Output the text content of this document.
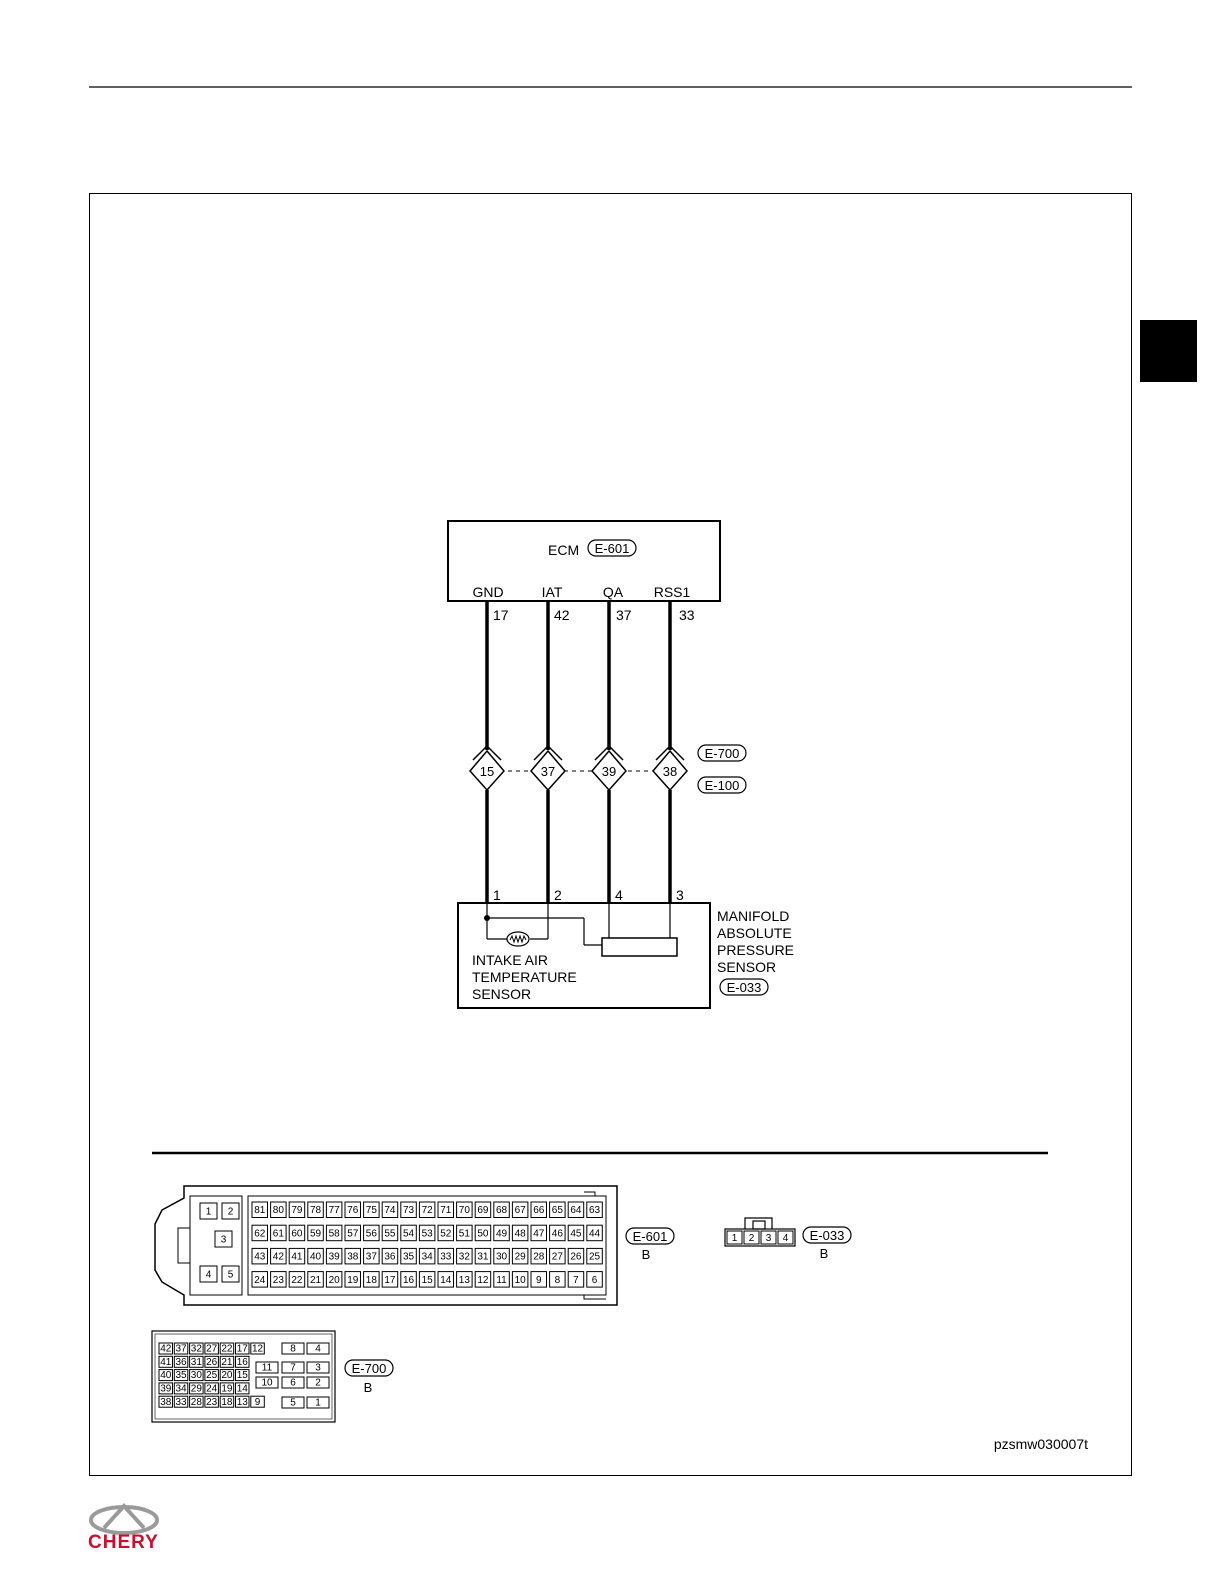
ECM E-601
GND	IAT	QA RSS1
17	42	37	33
15	37	39	38
E-700
E-100
1	2	4	3
INTAKE AIR
TEMPERATURE
SENSOR
MANIFOLD
ABSOLUTE
PRESSURE
SENSOR
E-033
1 2
3
4 5
81 80 79 78 77 76 75 74 73 72 71 70 69 68 67 66 65 64 63
62 61 60 59 58 57 56 55 54 53 52 51 50 49 48 47 46 45 44
43 42 41 40 39 38 37 36 35 34 33 32 31 30 29 28 27 26 25
24 23 22 21 20 19 18 17 16 15 14 13 12 11 10 9 8 7 6
E-601
B
1 2 3 4 E-033
B
42 37 32 27 22 17 12
41 36 31 26 21 16
40 35 30 25 20 15
39 34 29 24 19 14
38 33 28 23 18 13 9
8 4
11 7 3
10 6 2
5 1
E-700
B
pzsmw030007t
CHERY
